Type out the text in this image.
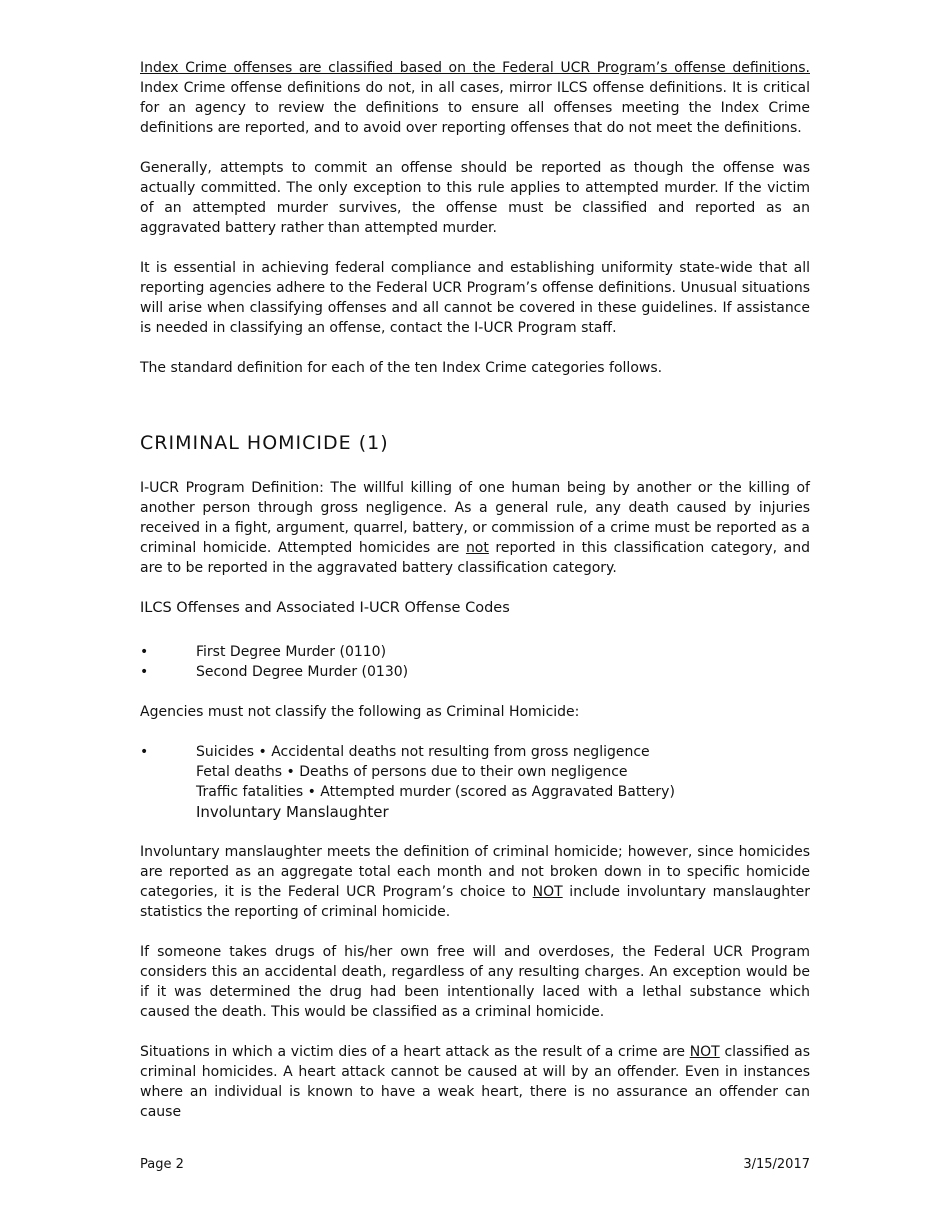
Index Crime offenses are classified based on the Federal UCR Program’s offense definitions. Index Crime offense definitions do not, in all cases, mirror ILCS offense definitions. It is critical for an agency to review the definitions to ensure all offenses meeting the Index Crime definitions are reported, and to avoid over reporting offenses that do not meet the definitions.

Generally, attempts to commit an offense should be reported as though the offense was actually committed. The only exception to this rule applies to attempted murder. If the victim of an attempted murder survives, the offense must be classified and reported as an aggravated battery rather than attempted murder.

It is essential in achieving federal compliance and establishing uniformity state-wide that all reporting agencies adhere to the Federal UCR Program’s offense definitions. Unusual situations will arise when classifying offenses and all cannot be covered in these guidelines. If assistance is needed in classifying an offense, contact the I-UCR Program staff.

The standard definition for each of the ten Index Crime categories follows.

CRIMINAL HOMICIDE (1)

I-UCR Program Definition: The willful killing of one human being by another or the killing of another person through gross negligence. As a general rule, any death caused by injuries received in a fight, argument, quarrel, battery, or commission of a crime must be reported as a criminal homicide. Attempted homicides are not reported in this classification category, and are to be reported in the aggravated battery classification category.

ILCS Offenses and Associated I-UCR Offense Codes
•	First Degree Murder (0110)
•	Second Degree Murder (0130)

Agencies must not classify the following as Criminal Homicide:

•	Suicides • Accidental deaths not resulting from gross negligence
Fetal deaths • Deaths of persons due to their own negligence
Traffic fatalities • Attempted murder (scored as Aggravated Battery)
Involuntary Manslaughter

Involuntary manslaughter meets the definition of criminal homicide; however, since homicides are reported as an aggregate total each month and not broken down in to specific homicide categories, it is the Federal UCR Program’s choice to NOT include involuntary manslaughter statistics the reporting of criminal homicide.

If someone takes drugs of his/her own free will and overdoses, the Federal UCR Program considers this an accidental death, regardless of any resulting charges. An exception would be if it was determined the drug had been intentionally laced with a lethal substance which caused the death. This would be classified as a criminal homicide.

Situations in which a victim dies of a heart attack as the result of a crime are NOT classified as criminal homicides. A heart attack cannot be caused at will by an offender. Even in instances where an individual is known to have a weak heart, there is no assurance an offender can cause

Page 2	3/15/2017
